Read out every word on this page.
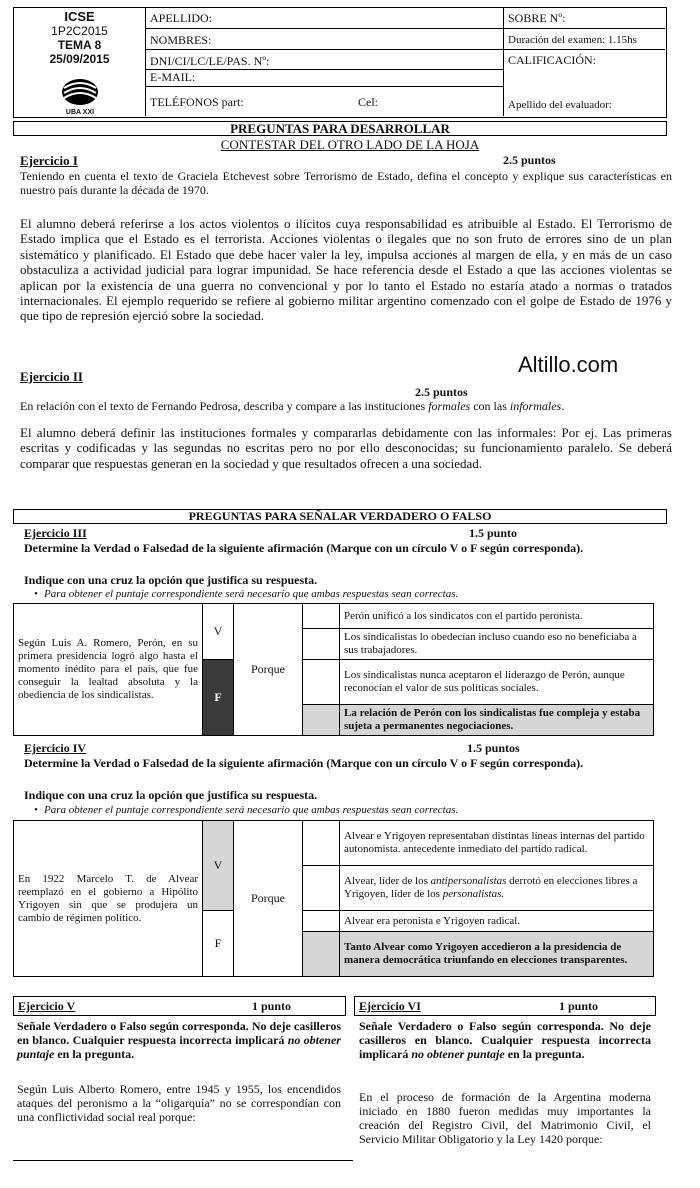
ICSE
1P2C2015
TEMA 8
25/09/2015
UBA XXI
APELLIDO:
NOMBRES:
DNI/CI/LC/LE/PAS. Nº:
E-MAIL:
TELÉFONOS part:	Cel:
SOBRE Nº:
Duración del examen: 1.15hs
CALIFICACIÓN:
Apellido del evaluador:
PREGUNTAS PARA DESARROLLAR
CONTESTAR DEL OTRO LADO DE LA HOJA
Ejercicio I	2.5 puntos
Teniendo en cuenta el texto de Graciela Etchevest sobre Terrorismo de Estado, defina el concepto y explique sus características en nuestro país durante la década de 1970.
El alumno deberá referirse a los actos violentos o ilícitos cuya responsabilidad es atribuible al Estado. El Terrorismo de Estado implica que el Estado es el terrorista. Acciones violentas o ilegales que no son fruto de errores sino de un plan sistemático y planificado. El Estado que debe hacer valer la ley, impulsa acciones al margen de ella, y en más de un caso obstaculiza a actividad judicial para lograr impunidad. Se hace referencia desde el Estado a que las acciones violentas se aplican por la existencia de una guerra no convencional y por lo tanto el Estado no estaría atado a normas o tratados internacionales. El ejemplo requerido se refiere al gobierno militar argentino comenzado con el golpe de Estado de 1976 y que tipo de represión ejerció sobre la sociedad.
Altillo.com
Ejercicio II
2.5 puntos
En relación con el texto de Fernando Pedrosa, describa y compare a las instituciones formales con las informales.
El alumno deberá definir las instituciones formales y compararlas debidamente con las informales: Por ej. Las primeras escritas y codificadas y las segundas no escritas pero no por ello desconocidas; su funcionamiento paralelo. Se deberá comparar que respuestas generan en la sociedad y que resultados ofrecen a una sociedad.
PREGUNTAS PARA SEÑALAR VERDADERO O FALSO
Ejercicio III	1.5 punto
Determine la Verdad o Falsedad de la siguiente afirmación (Marque con un círculo V o F según corresponda).
Indique con una cruz la opción que justifica su respuesta.
• Para obtener el puntaje correspondiente será necesario que ambas respuestas sean correctas.
Según Luis A. Romero, Perón, en su primera presidencia logró algo hasta el momento inédito para el país, que fue conseguir la lealtad absoluta y la obediencia de los sindicalistas.	V	Porque		Perón unificó a los sindicatos con el partido peronista.
				Los sindicalistas lo obedecían incluso cuando eso no beneficiaba a sus trabajadores.
	F			Los sindicalistas nunca aceptaron el liderazgo de Perón, aunque reconocían el valor de sus políticas sociales.
				La relación de Perón con los sindicalistas fue compleja y estaba sujeta a permanentes negociaciones.
Ejercicio IV	1.5 puntos
Determine la Verdad o Falsedad de la siguiente afirmación (Marque con un círculo V o F según corresponda).
Indique con una cruz la opción que justifica su respuesta.
• Para obtener el puntaje correspondiente será necesario que ambas respuestas sean correctas.
En 1922 Marcelo T. de Alvear reemplazó en el gobierno a Hipólito Yrigoyen sin que se produjera un cambio de régimen político.	V	Porque		Alvear e Yrigoyen representaban distintas líneas internas del partido autonomista. antecedente inmediato del partido radical.
				Alvear, líder de los antipersonalistas derrotó en elecciones libres a Yrigoyen, líder de los personalistas.
	F			Alvear era peronista e Yrigoyen radical.
				Tanto Alvear como Yrigoyen accedieron a la presidencia de manera democrática triunfando en elecciones transparentes.
Ejercicio V	1 punto
Señale Verdadero o Falso según corresponda. No deje casilleros en blanco. Cualquier respuesta incorrecta implicará no obtener puntaje en la pregunta.
Según Luis Alberto Romero, entre 1945 y 1955, los encendidos ataques del peronismo a la “oligarquía” no se correspondían con una conflictividad social real porque:
Ejercicio VI	1 punto
Señale Verdadero o Falso según corresponda. No deje casilleros en blanco. Cualquier respuesta incorrecta implicará no obtener puntaje en la pregunta.
En el proceso de formación de la Argentina moderna iniciado en 1880 fueron medidas muy importantes la creación del Registro Civil, del Matrimonio Civil, el Servicio Militar Obligatorio y la Ley 1420 porque:
